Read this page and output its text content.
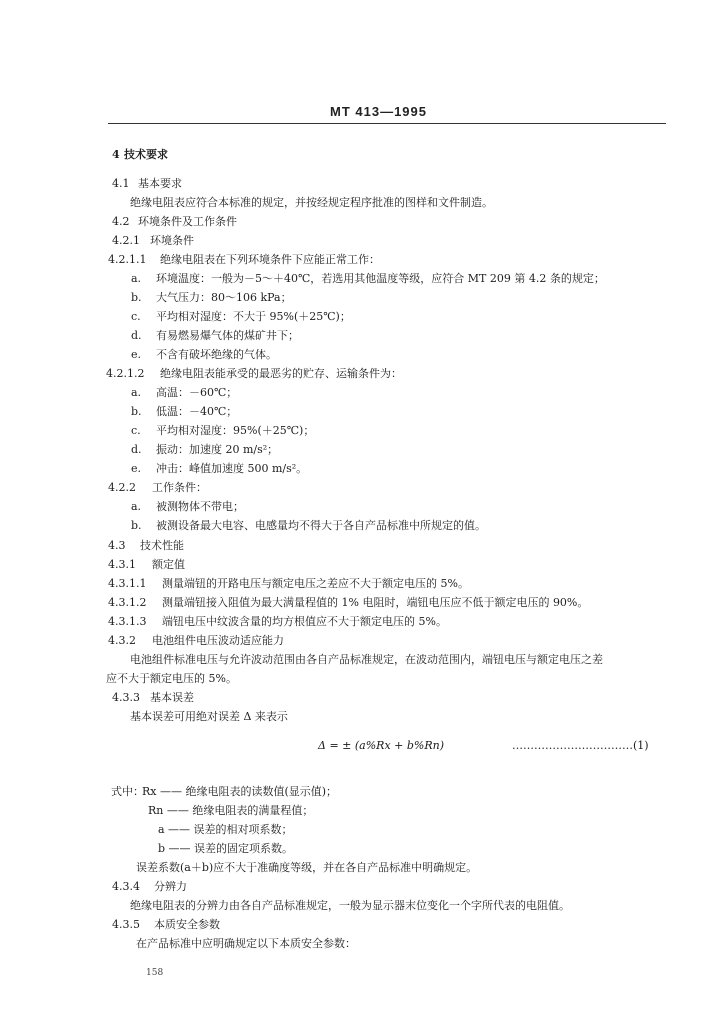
MT 413—1995
4 技术要求
4.1 基本要求
绝缘电阻表应符合本标准的规定，并按经规定程序批准的图样和文件制造。
4.2 环境条件及工作条件
4.2.1 环境条件
4.2.1.1 绝缘电阻表在下列环境条件下应能正常工作：
a. 环境温度：一般为－5～＋40℃，若选用其他温度等级，应符合 MT 209 第 4.2 条的规定；
b. 大气压力：80～106 kPa；
c. 平均相对湿度：不大于 95%(＋25℃)；
d. 有易燃易爆气体的煤矿井下；
e. 不含有破坏绝缘的气体。
4.2.1.2 绝缘电阻表能承受的最恶劣的贮存、运输条件为：
a. 高温：－60℃；
b. 低温：－40℃；
c. 平均相对湿度：95%(＋25℃)；
d. 振动：加速度 20 m/s²；
e. 冲击：峰值加速度 500 m/s²。
4.2.2 工作条件：
a. 被测物体不带电；
b. 被测设备最大电容、电感量均不得大于各自产品标准中所规定的值。
4.3 技术性能
4.3.1 额定值
4.3.1.1 测量端钮的开路电压与额定电压之差应不大于额定电压的 5%。
4.3.1.2 测量端钮接入阻值为最大满量程值的 1% 电阻时，端钮电压应不低于额定电压的 90%。
4.3.1.3 端钮电压中纹波含量的均方根值应不大于额定电压的 5%。
4.3.2 电池组件电压波动适应能力
电池组件标准电压与允许波动范围由各自产品标准规定，在波动范围内，端钮电压与额定电压之差
应不大于额定电压的 5%。
4.3.3 基本误差
基本误差可用绝对误差 Δ 来表示
式中：
Rx —— 绝缘电阻表的读数值(显示值)；
Rn —— 绝缘电阻表的满量程值；
a —— 误差的相对项系数；
b —— 误差的固定项系数。
误差系数(a＋b)应不大于准确度等级，并在各自产品标准中明确规定。
4.3.4 分辨力
绝缘电阻表的分辨力由各自产品标准规定，一般为显示器末位变化一个字所代表的电阻值。
4.3.5 本质安全参数
在产品标准中应明确规定以下本质安全参数：
Δ = ± (a%Rx + b%Rn)	……………………………(1)
158
